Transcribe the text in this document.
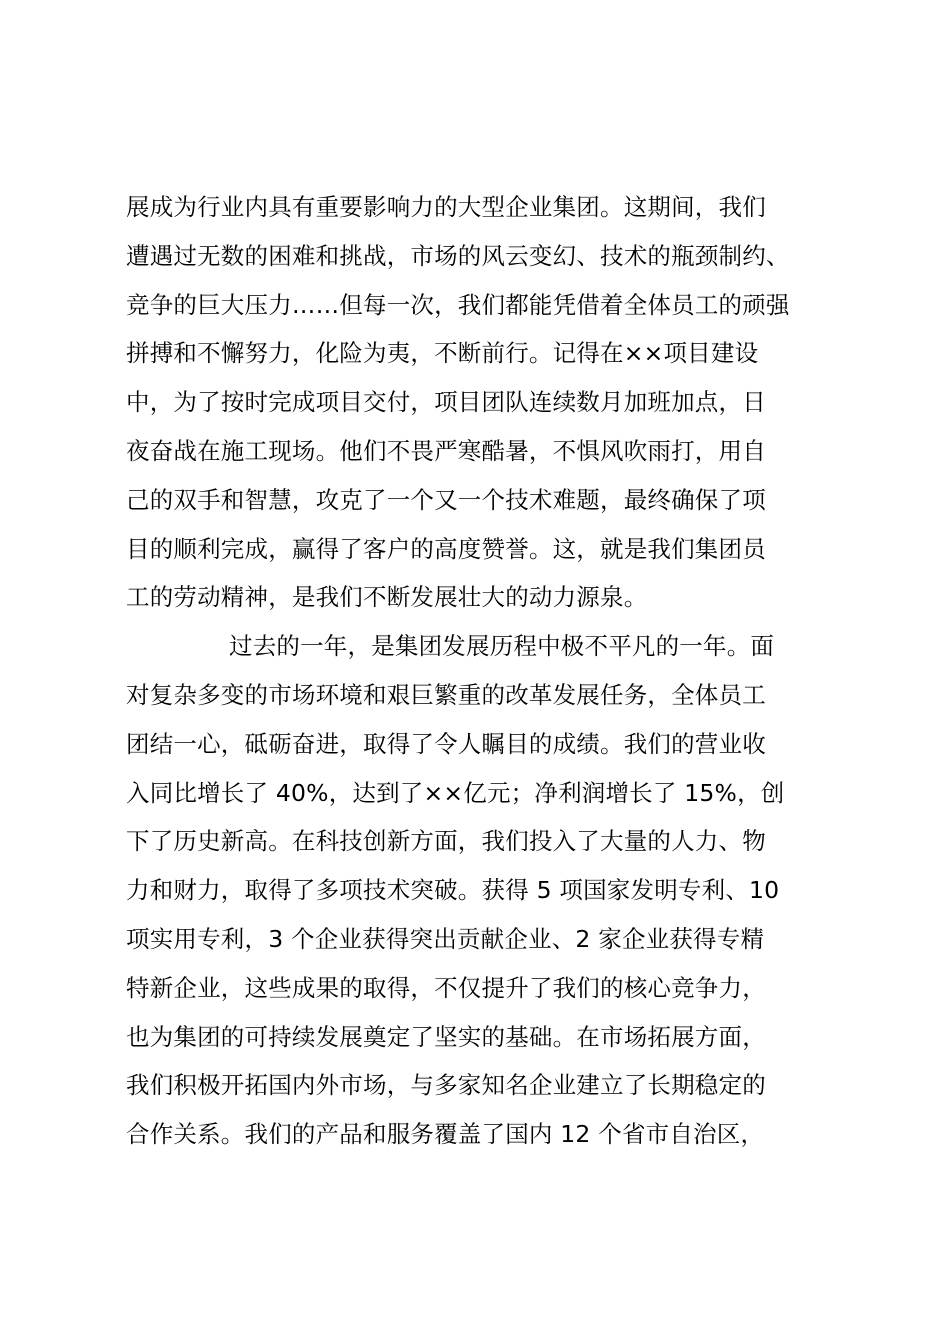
展成为行业内具有重要影响力的大型企业集团。这期间，我们
遭遇过无数的困难和挑战，市场的风云变幻、技术的瓶颈制约、
竞争的巨大压力……但每一次，我们都能凭借着全体员工的顽强
拼搏和不懈努力，化险为夷，不断前行。记得在××项目建设
中，为了按时完成项目交付，项目团队连续数月加班加点，日
夜奋战在施工现场。他们不畏严寒酷暑，不惧风吹雨打，用自
己的双手和智慧，攻克了一个又一个技术难题，最终确保了项
目的顺利完成，赢得了客户的高度赞誉。这，就是我们集团员
工的劳动精神，是我们不断发展壮大的动力源泉。
过去的一年，是集团发展历程中极不平凡的一年。面
对复杂多变的市场环境和艰巨繁重的改革发展任务，全体员工
团结一心，砥砺奋进，取得了令人瞩目的成绩。我们的营业收
入同比增长了 40%，达到了××亿元；净利润增长了 15%，创
下了历史新高。在科技创新方面，我们投入了大量的人力、物
力和财力，取得了多项技术突破。获得 5 项国家发明专利、10
项实用专利，3 个企业获得突出贡献企业、2 家企业获得专精
特新企业，这些成果的取得，不仅提升了我们的核心竞争力，
也为集团的可持续发展奠定了坚实的基础。在市场拓展方面，
我们积极开拓国内外市场，与多家知名企业建立了长期稳定的
合作关系。我们的产品和服务覆盖了国内 12 个省市自治区，
